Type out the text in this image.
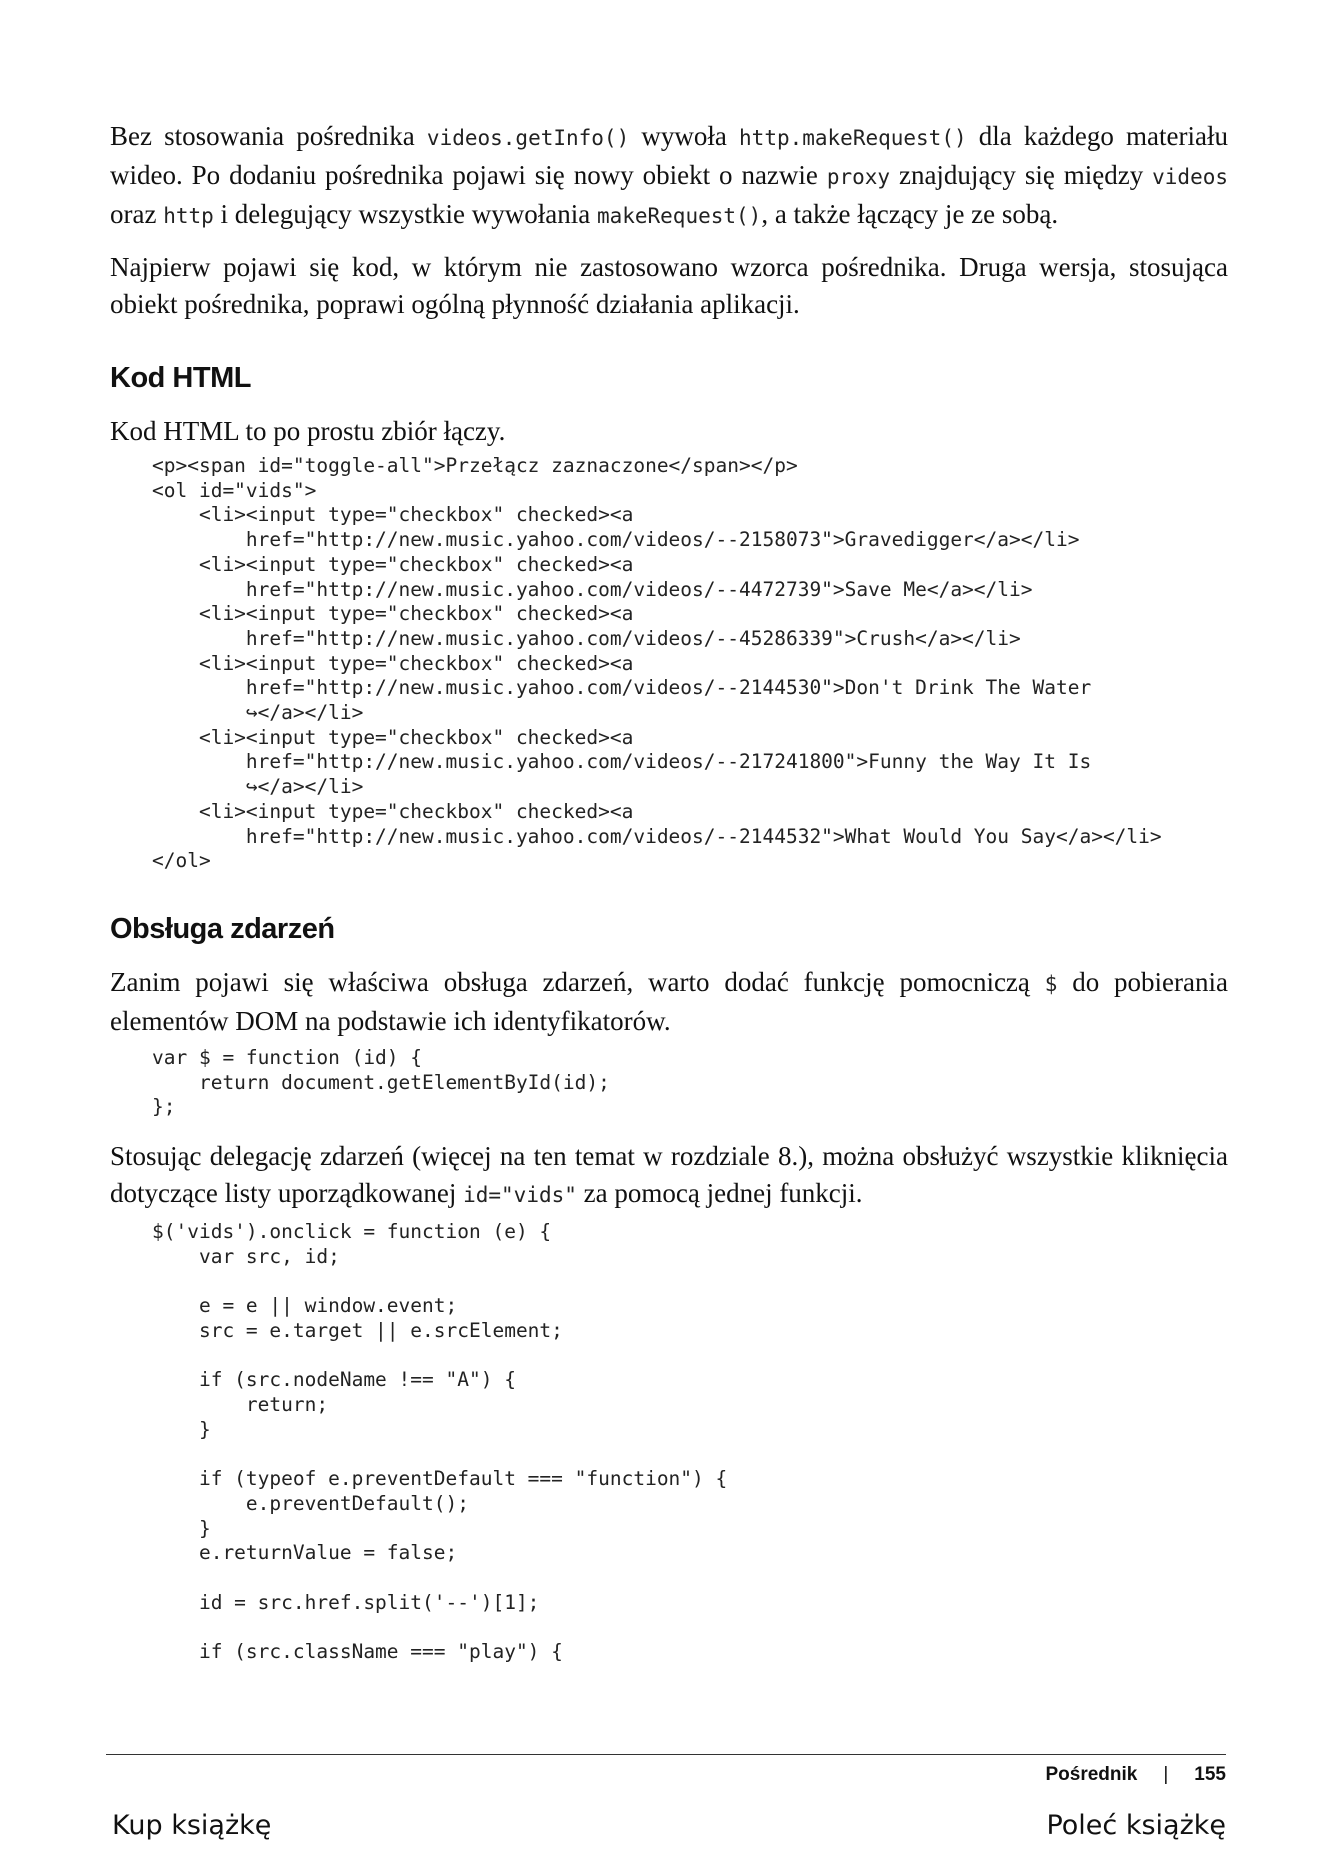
Bez stosowania pośrednika videos.getInfo() wywoła http.makeRequest() dla każdego materiału wideo. Po dodaniu pośrednika pojawi się nowy obiekt o nazwie proxy znajdujący się między videos oraz http i delegujący wszystkie wywołania makeRequest(), a także łączący je ze sobą.

Najpierw pojawi się kod, w którym nie zastosowano wzorca pośrednika. Druga wersja, stosująca obiekt pośrednika, poprawi ogólną płynność działania aplikacji.

Kod HTML

Kod HTML to po prostu zbiór łączy.

<p><span id="toggle-all">Przełącz zaznaczone</span></p>
<ol id="vids">
<li><input type="checkbox" checked><a
href="http://new.music.yahoo.com/videos/--2158073">Gravedigger</a></li>
<li><input type="checkbox" checked><a
href="http://new.music.yahoo.com/videos/--4472739">Save Me</a></li>
<li><input type="checkbox" checked><a
href="http://new.music.yahoo.com/videos/--45286339">Crush</a></li>
<li><input type="checkbox" checked><a
href="http://new.music.yahoo.com/videos/--2144530">Don't Drink The Water
↪</a></li>
<li><input type="checkbox" checked><a
href="http://new.music.yahoo.com/videos/--217241800">Funny the Way It Is
↪</a></li>
<li><input type="checkbox" checked><a
href="http://new.music.yahoo.com/videos/--2144532">What Would You Say</a></li>
</ol>
Obsługa zdarzeń

Zanim pojawi się właściwa obsługa zdarzeń, warto dodać funkcję pomocniczą $ do pobierania elementów DOM na podstawie ich identyfikatorów.

var $ = function (id) {
return document.getElementById(id);
};

Stosując delegację zdarzeń (więcej na ten temat w rozdziale 8.), można obsłużyć wszystkie kliknięcia dotyczące listy uporządkowanej id="vids" za pomocą jednej funkcji.

$('vids').onclick = function (e) {
var src, id;

e = e || window.event;
src = e.target || e.srcElement;

if (src.nodeName !== "A") {
return;
}

if (typeof e.preventDefault === "function") {
e.preventDefault();
}
e.returnValue = false;

id = src.href.split('--')[1];

if (src.className === "play") {
Pośrednik | 155
Kup książkę	Poleć książkę
